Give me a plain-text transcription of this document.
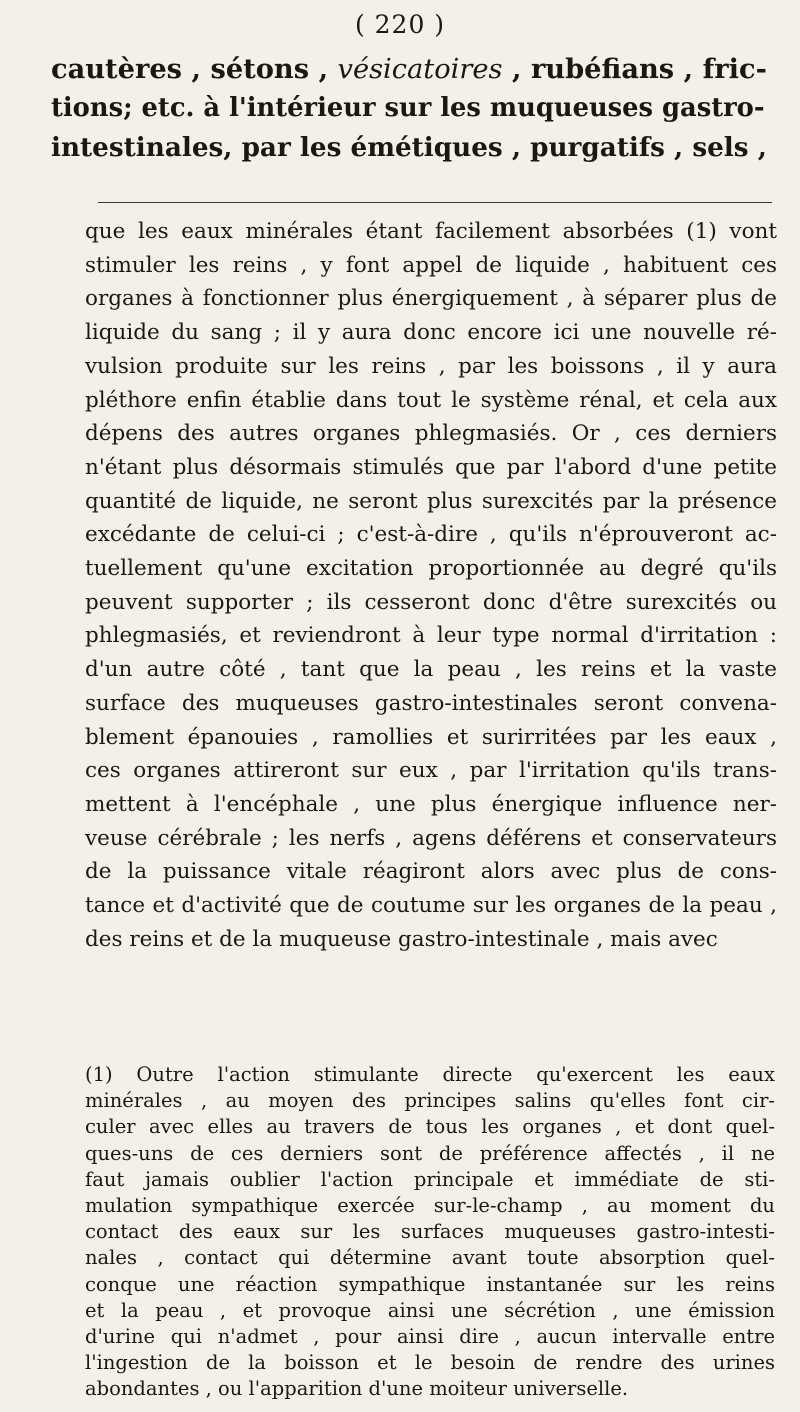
( 220 )
cautères , sétons , vésicatoires , rubéfians , fric-
tions; etc. à l'intérieur sur les muqueuses gastro-
intestinales, par les émétiques , purgatifs , sels ,
que les eaux minérales étant facilement absorbées (1) vont
stimuler les reins , y font appel de liquide , habituent ces
organes à fonctionner plus énergiquement , à séparer plus de
liquide du sang ; il y aura donc encore ici une nouvelle ré-
vulsion produite sur les reins , par les boissons , il y aura
pléthore enfin établie dans tout le système rénal, et cela aux
dépens des autres organes phlegmasiés. Or , ces derniers
n'étant plus désormais stimulés que par l'abord d'une petite
quantité de liquide, ne seront plus surexcités par la présence
excédante de celui-ci ; c'est-à-dire , qu'ils n'éprouveront ac-
tuellement qu'une excitation proportionnée au degré qu'ils
peuvent supporter ; ils cesseront donc d'être surexcités ou
phlegmasiés, et reviendront à leur type normal d'irritation :
d'un autre côté , tant que la peau , les reins et la vaste
surface des muqueuses gastro-intestinales seront convena-
blement épanouies , ramollies et surirritées par les eaux ,
ces organes attireront sur eux , par l'irritation qu'ils trans-
mettent à l'encéphale , une plus énergique influence ner-
veuse cérébrale ; les nerfs , agens déférens et conservateurs
de la puissance vitale réagiront alors avec plus de cons-
tance et d'activité que de coutume sur les organes de la peau ,
des reins et de la muqueuse gastro-intestinale , mais avec
(1) Outre l'action stimulante directe qu'exercent les eaux
minérales , au moyen des principes salins qu'elles font cir-
culer avec elles au travers de tous les organes , et dont quel-
ques-uns de ces derniers sont de préférence affectés , il ne
faut jamais oublier l'action principale et immédiate de sti-
mulation sympathique exercée sur-le-champ , au moment du
contact des eaux sur les surfaces muqueuses gastro-intesti-
nales , contact qui détermine avant toute absorption quel-
conque une réaction sympathique instantanée sur les reins
et la peau , et provoque ainsi une sécrétion , une émission
d'urine qui n'admet , pour ainsi dire , aucun intervalle entre
l'ingestion de la boisson et le besoin de rendre des urines
abondantes , ou l'apparition d'une moiteur universelle.
